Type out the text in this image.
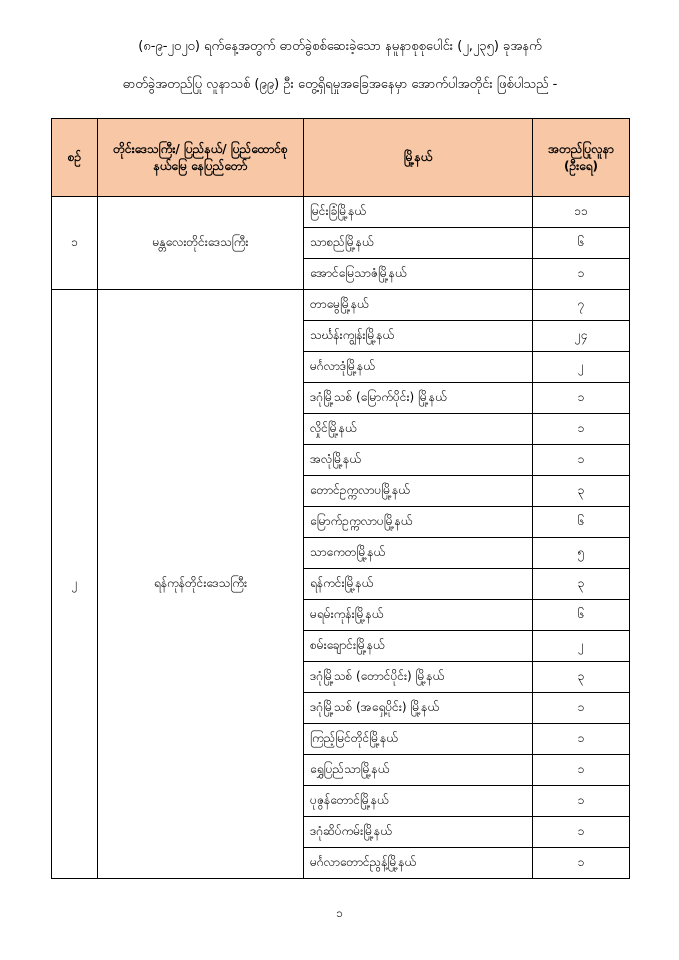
(၈-၉-၂၀၂၀) ရက်နေ့အတွက် ဓာတ်ခွဲစစ်ဆေးခဲ့သော နမူနာစုစုပေါင်း (၂,၂၃၅) ခုအနက်
ဓာတ်ခွဲအတည်ပြု လူနာသစ် (၉၉) ဦး တွေ့ရှိရမှုအခြေအနေမှာ အောက်ပါအတိုင်း ဖြစ်ပါသည် -
စဉ်	တိုင်းဒေသကြီး/ ပြည်နယ်/ ပြည်ထောင်စုနယ်မြေ နေပြည်တော်	မြို့နယ်	အတည်ပြုလူနာ (ဦးရေ)
၁	မန္တလေးတိုင်းဒေသကြီး	မြင်းခြံမြို့နယ်	၁၁
		သာစည်မြို့နယ်	၆
		အောင်မြေသာဇံမြို့နယ်	၁
၂	ရန်ကုန်တိုင်းဒေသကြီး	တာမွေမြို့နယ်	၇
		သင်္ဃန်းကျွန်းမြို့နယ်	၂၄
		မင်္ဂလာဒုံမြို့နယ်	၂
		ဒဂုံမြို့သစ် (မြောက်ပိုင်း) မြို့နယ်	၁
		လှိုင်မြို့နယ်	၁
		အလုံမြို့နယ်	၁
		တောင်ဥက္ကလာပမြို့နယ်	၃
		မြောက်ဥက္ကလာပမြို့နယ်	၆
		သာကေတမြို့နယ်	၅
		ရန်ကင်းမြို့နယ်	၃
		မရမ်းကုန်းမြို့နယ်	၆
		စမ်းချောင်းမြို့နယ်	၂
		ဒဂုံမြို့သစ် (တောင်ပိုင်း) မြို့နယ်	၃
		ဒဂုံမြို့သစ် (အရှေ့ပိုင်း) မြို့နယ်	၁
		ကြည့်မြင်တိုင်မြို့နယ်	၁
		ရွှေပြည်သာမြို့နယ်	၁
		ပုဇွန်တောင်မြို့နယ်	၁
		ဒဂုံဆိပ်ကမ်းမြို့နယ်	၁
		မင်္ဂလာတောင်ညွန့်မြို့နယ်	၁
၁
